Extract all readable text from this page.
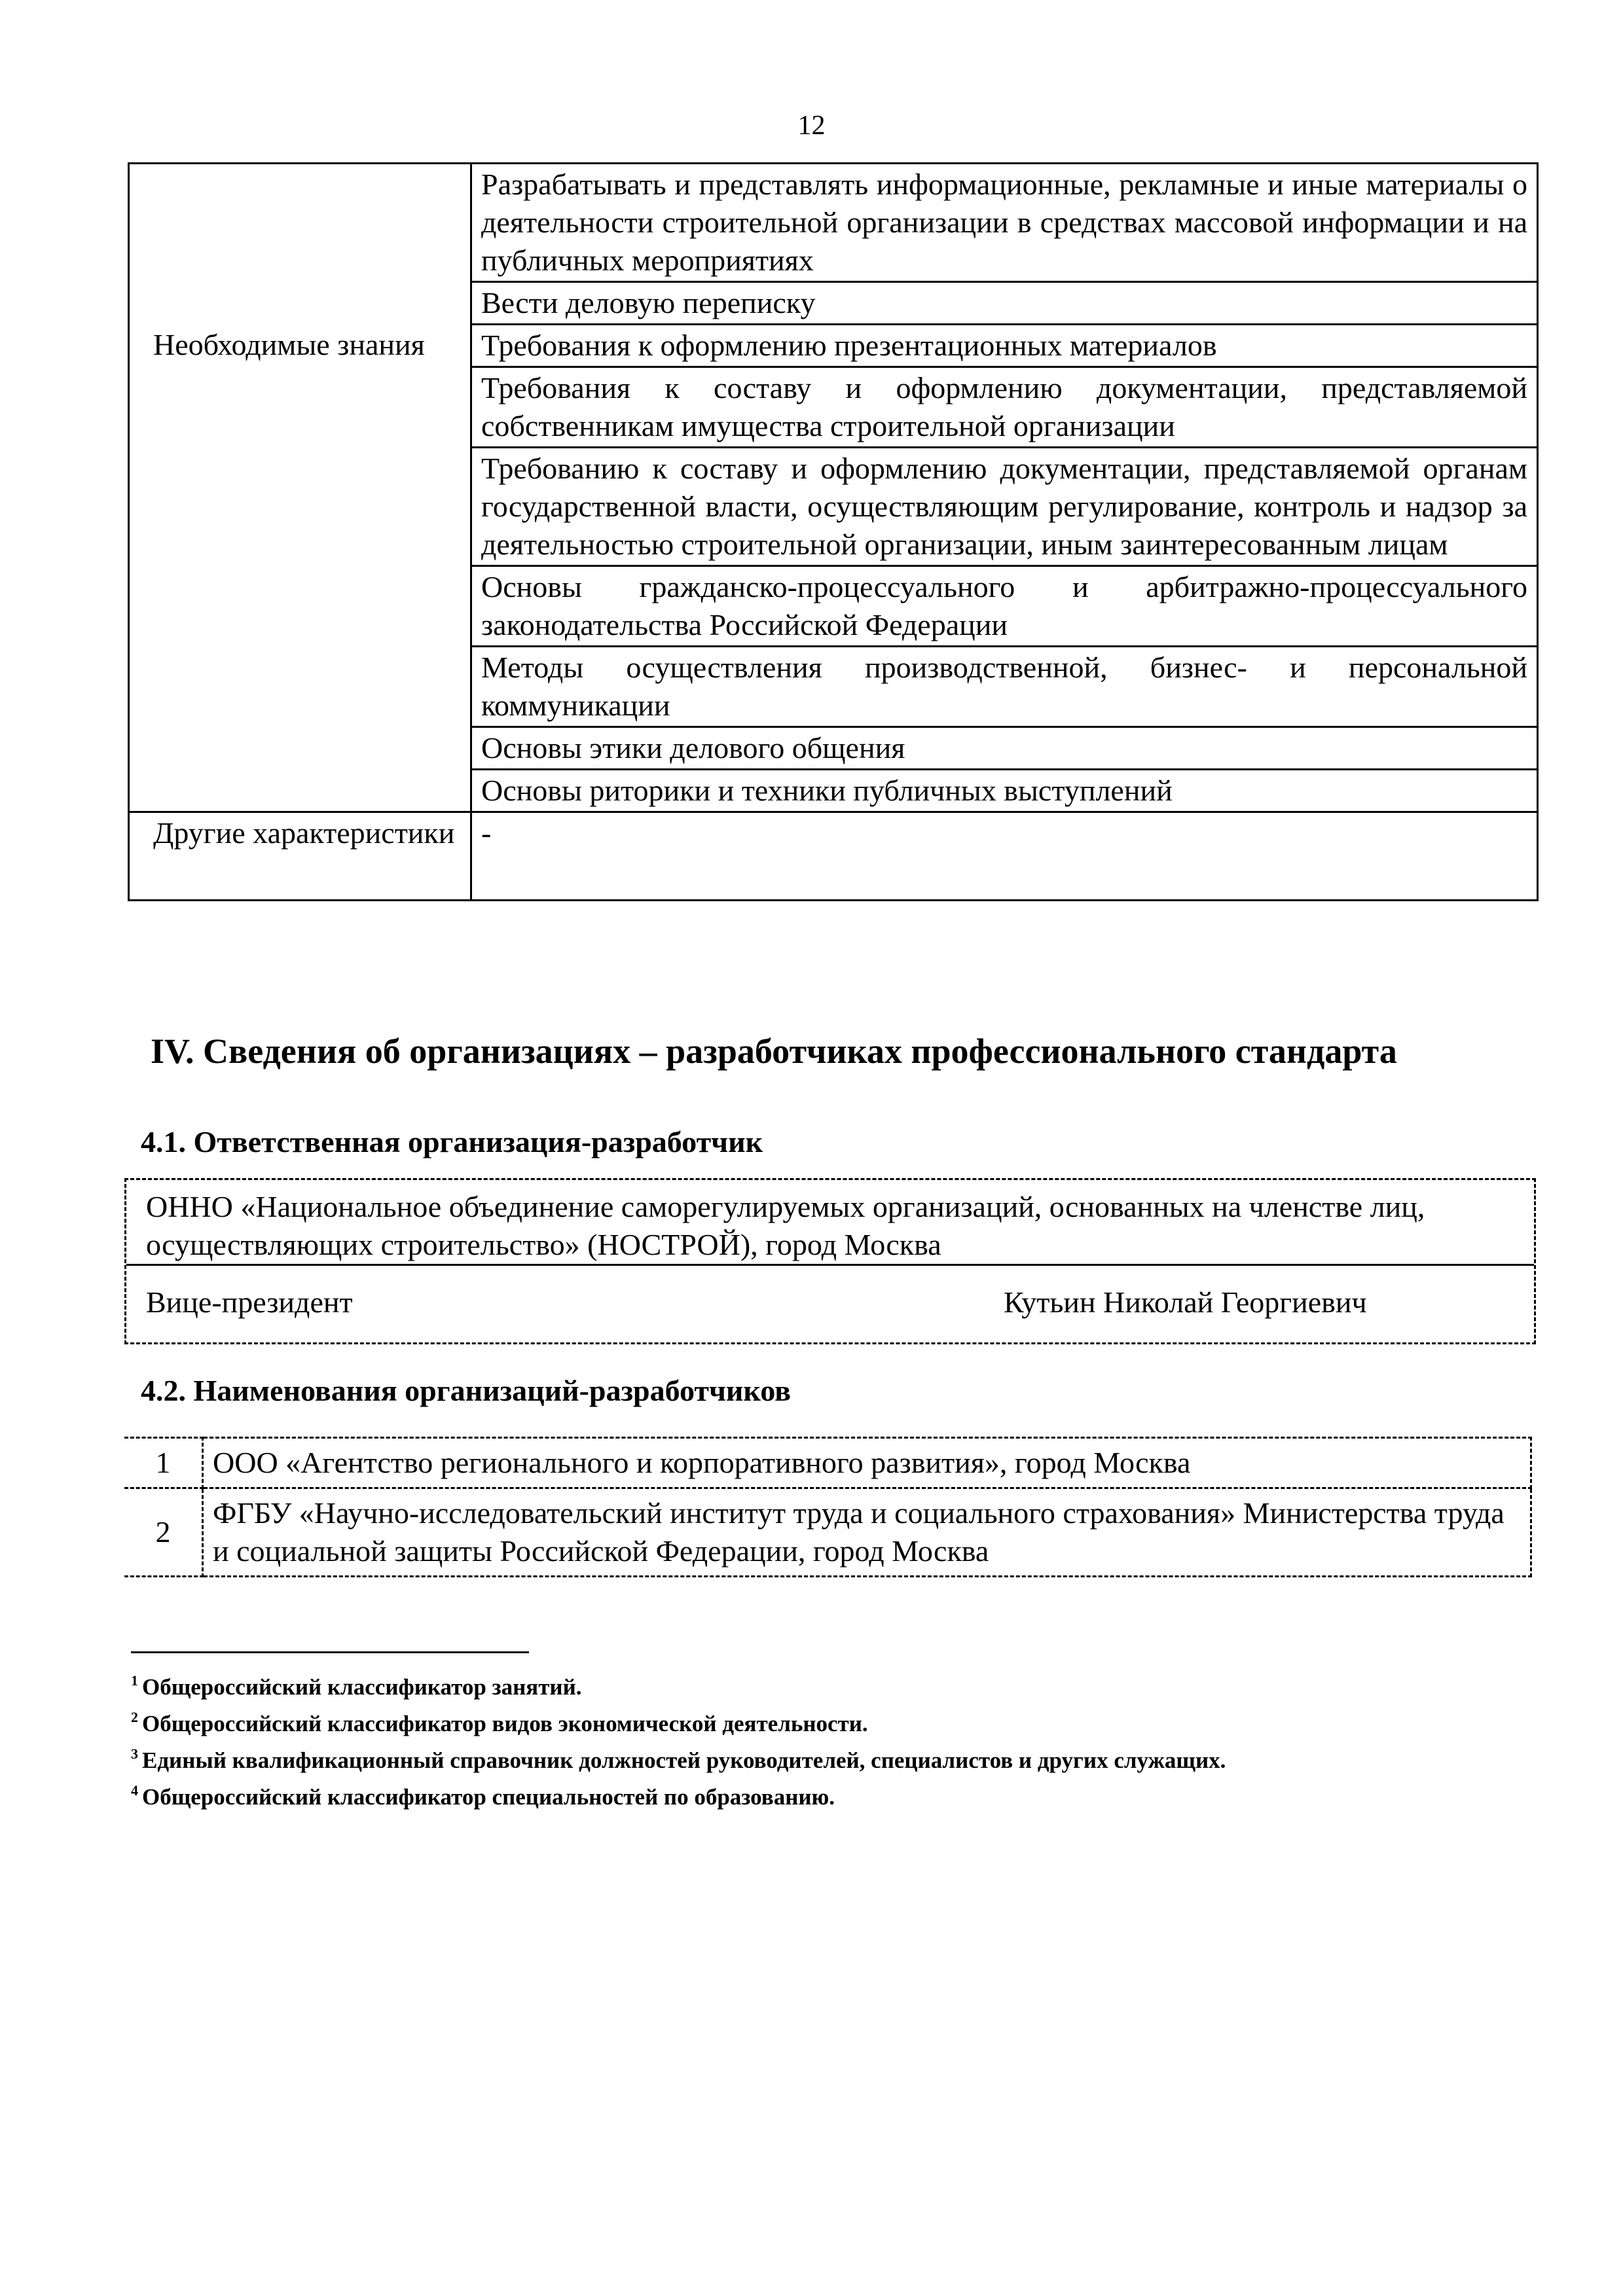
12
	Разрабатывать и представлять информационные, рекламные и иные материалы о деятельности строительной организации в средствах массовой информации и на публичных мероприятиях
	Вести деловую переписку
Необходимые знания	Требования к оформлению презентационных материалов
	Требования к составу и оформлению документации, представляемой собственникам имущества строительной организации
	Требованию к составу и оформлению документации, представляемой органам государственной власти, осуществляющим регулирование, контроль и надзор за деятельностью строительной организации, иным заинтересованным лицам
	Основы гражданско-процессуального и арбитражно-процессуального законодательства Российской Федерации
	Методы осуществления производственной, бизнес- и персональной коммуникации
	Основы этики делового общения
	Основы риторики и техники публичных выступлений
Другие характеристики	-
IV. Сведения об организациях – разработчиках профессионального стандарта
4.1. Ответственная организация-разработчик
ОННО «Национальное объединение саморегулируемых организаций, основанных на членстве лиц, осуществляющих строительство» (НОСТРОЙ), город Москва
Вице-президент	Кутьин Николай Георгиевич
4.2. Наименования организаций-разработчиков
1	ООО «Агентство регионального и корпоративного развития», город Москва
2	ФГБУ «Научно-исследовательский институт труда и социального страхования» Министерства труда и социальной защиты Российской Федерации, город Москва
$^1$ Общероссийский классификатор занятий.
$^2$ Общероссийский классификатор видов экономической деятельности.
$^3$ Единый квалификационный справочник должностей руководителей, специалистов и других служащих.
$^4$ Общероссийский классификатор специальностей по образованию.
